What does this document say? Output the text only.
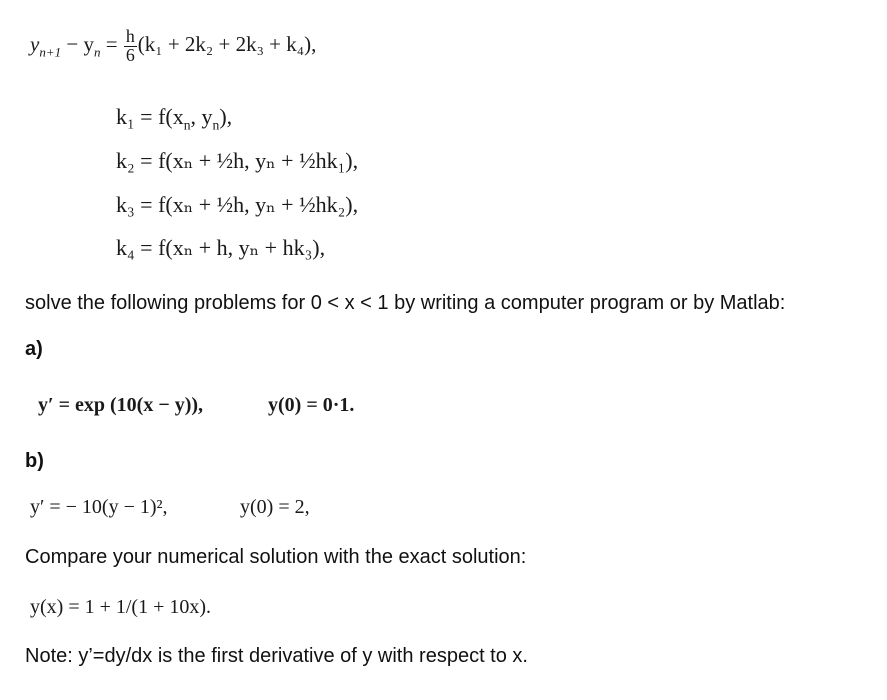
$y_{n+1} - y_n = \frac{h}{6} (k_1 + 2k_2 + 2k_3 + k_4)$,
$k_1 = f(x_n$, $y_n$),
k₂ = f(xₙ + ½h, yₙ + ½hk₁),
k₃ = f(xₙ + ½h, yₙ + ½hk₂),
k₄ = f(xₙ + h, yₙ + hk₃),
solve the following problems for 0 < x < 1 by writing a computer program or by Matlab:
a)
y′ = exp (10(x − y)),	y(0) = 0·1.
b)
y′ = − 10(y − 1)²,	y(0) = 2,
Compare your numerical solution with the exact solution:
y(x) = 1 + 1/(1 + 10x).
Note: y’=dy/dx is the first derivative of y with respect to x.
